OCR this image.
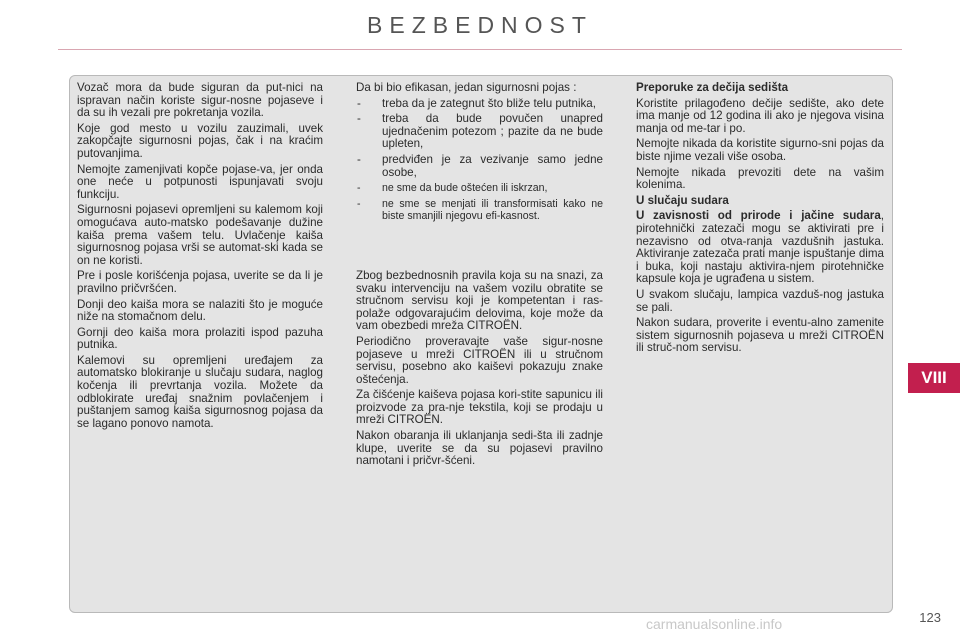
BEZBEDNOST

Vozač mora da bude siguran da put-nici na ispravan način koriste sigur-nosne pojaseve i da su ih vezali pre pokretanja vozila.

Koje god mesto u vozilu zauzimali, uvek zakopčajte sigurnosni pojas, čak i na kraćim putovanjima.

Nemojte zamenjivati kopče pojase-va, jer onda one neće u potpunosti ispunjavati svoju funkciju.

Sigurnosni pojasevi opremljeni su kalemom koji omogućava auto-matsko podešavanje dužine kaiša prema vašem telu. Uvlačenje kaiša sigurnosnog pojasa vrši se automat-ski kada se on ne koristi.

Pre i posle korišćenja pojasa, uverite se da li je pravilno pričvršćen.

Donji deo kaiša mora se nalaziti što je moguće niže na stomačnom delu.

Gornji deo kaiša mora prolaziti ispod pazuha putnika.

Kalemovi su opremljeni uređajem za automatsko blokiranje u slučaju sudara, naglog kočenja ili prevrtanja vozila. Možete da odblokirate uređaj snažnim povlačenjem i puštanjem samog kaiša sigurnosnog pojasa da se lagano ponovo namota.

Da bi bio efikasan, jedan sigurnosni pojas :

- treba da je zategnut što bliže telu putnika,
- treba da bude povučen unapred ujednačenim potezom ; pazite da ne bude upleten,
- predviđen je za vezivanje samo jedne osobe,
- ne sme da bude oštećen ili iskrzan,
- ne sme se menjati ili transformisati kako ne biste smanjili njegovu efi-kasnost.

Zbog bezbednosnih pravila koja su na snazi, za svaku intervenciju na vašem vozilu obratite se stručnom servisu koji je kompetentan i ras-polaže odgovarajućim delovima, koje može da vam obezbedi mreža CITROËN.

Periodično proveravajte vaše sigur-nosne pojaseve u mreži CITROËN ili u stručnom servisu, posebno ako kaiševi pokazuju znake oštećenja.

Za čišćenje kaiševa pojasa kori-stite sapunicu ili proizvode za pra-nje tekstila, koji se prodaju u mreži CITROËN.

Nakon obaranja ili uklanjanja sedi-šta ili zadnje klupe, uverite se da su pojasevi pravilno namotani i pričvr-šćeni.

Preporuke za dečija sedišta

Koristite prilagođeno dečije sedište, ako dete ima manje od 12 godina ili ako je njegova visina manja od me-tar i po.

Nemojte nikada da koristite sigurno-sni pojas da biste njime vezali više osoba.

Nemojte nikada prevoziti dete na vašim kolenima.

U slučaju sudara

U zavisnosti od prirode i jačine sudara, pirotehnički zatezači mogu se aktivirati pre i nezavisno od otva-ranja vazdušnih jastuka. Aktiviranje zatezača prati manje ispuštanje dima i buka, koji nastaju aktivira-njem pirotehničke kapsule koja je ugrađena u sistem.

U svakom slučaju, lampica vazduš-nog jastuka se pali.

Nakon sudara, proverite i eventu-alno zamenite sistem sigurnosnih pojaseva u mreži CITROËN ili struč-nom servisu.

VIII
carmanualsonline.info	123
